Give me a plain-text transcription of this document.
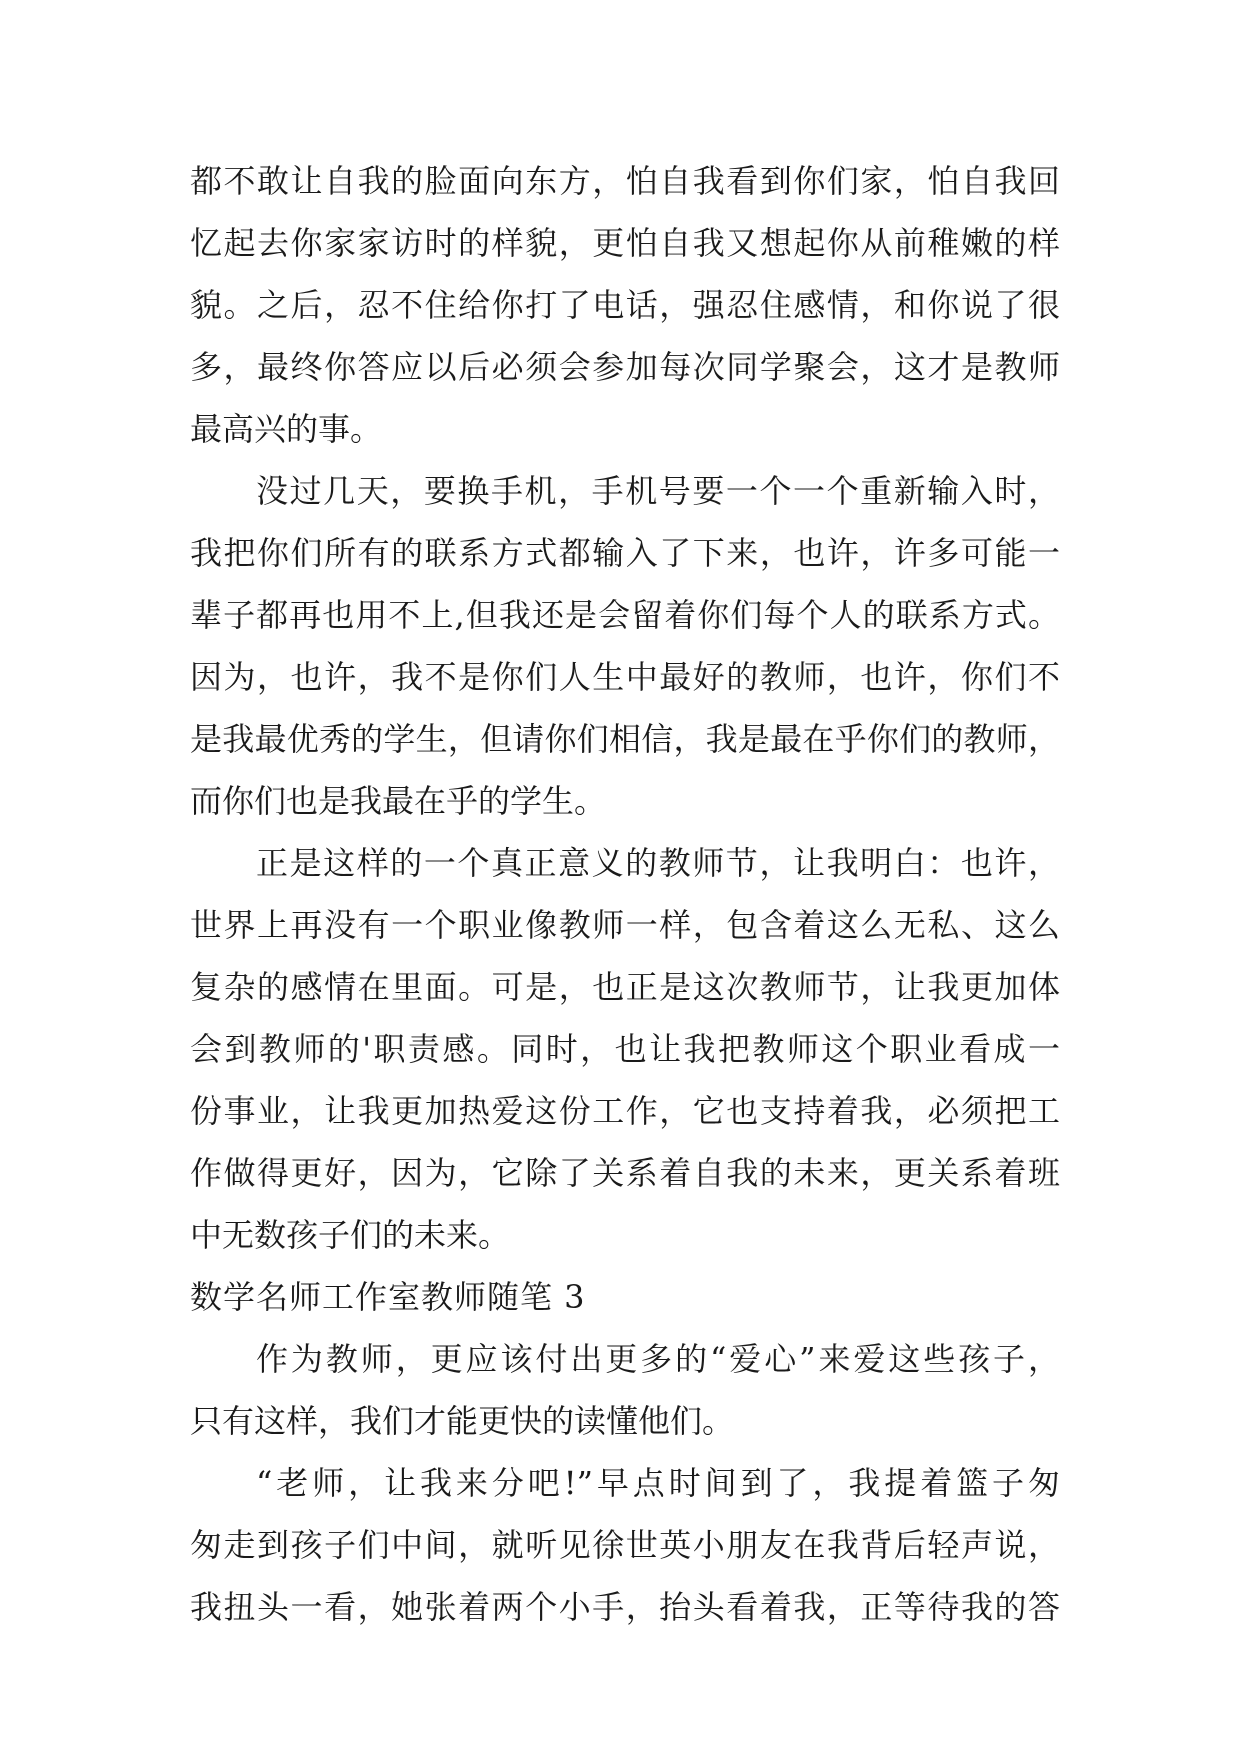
都不敢让自我的脸面向东方，怕自我看到你们家，怕自我回
忆起去你家家访时的样貌，更怕自我又想起你从前稚嫩的样
貌。之后，忍不住给你打了电话，强忍住感情，和你说了很
多，最终你答应以后必须会参加每次同学聚会，这才是教师
最高兴的事。
没过几天，要换手机，手机号要一个一个重新输入时，
我把你们所有的联系方式都输入了下来，也许，许多可能一
辈子都再也用不上,但我还是会留着你们每个人的联系方式。
因为，也许，我不是你们人生中最好的教师，也许，你们不
是我最优秀的学生，但请你们相信，我是最在乎你们的教师，
而你们也是我最在乎的学生。
正是这样的一个真正意义的教师节，让我明白：也许，
世界上再没有一个职业像教师一样，包含着这么无私、这么
复杂的感情在里面。可是，也正是这次教师节，让我更加体
会到教师的'职责感。同时，也让我把教师这个职业看成一
份事业，让我更加热爱这份工作，它也支持着我，必须把工
作做得更好，因为，它除了关系着自我的未来，更关系着班
中无数孩子们的未来。
数学名师工作室教师随笔 3
作为教师，更应该付出更多的“爱心”来爱这些孩子，
只有这样，我们才能更快的读懂他们。
“老师，让我来分吧!”早点时间到了，我提着篮子匆
匆走到孩子们中间，就听见徐世英小朋友在我背后轻声说，
我扭头一看，她张着两个小手，抬头看着我，正等待我的答
